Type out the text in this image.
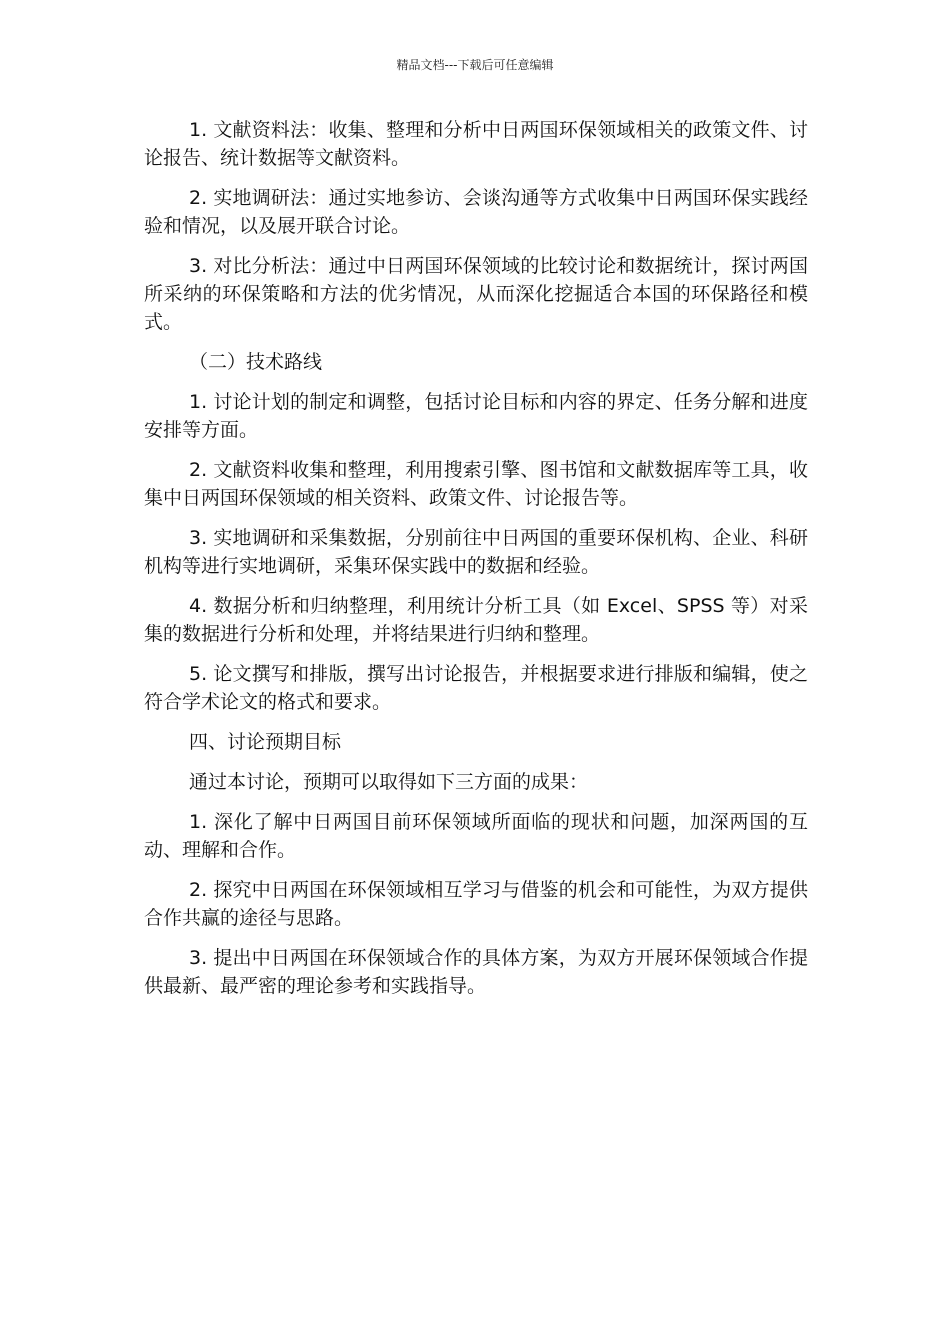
精品文档---下载后可任意编辑

1. 文献资料法：收集、整理和分析中日两国环保领域相关的政策文件、讨论报告、统计数据等文献资料。

2. 实地调研法：通过实地参访、会谈沟通等方式收集中日两国环保实践经验和情况，以及展开联合讨论。

3. 对比分析法：通过中日两国环保领域的比较讨论和数据统计，探讨两国所采纳的环保策略和方法的优劣情况，从而深化挖掘适合本国的环保路径和模式。

（二）技术路线

1. 讨论计划的制定和调整，包括讨论目标和内容的界定、任务分解和进度安排等方面。

2. 文献资料收集和整理，利用搜索引擎、图书馆和文献数据库等工具，收集中日两国环保领域的相关资料、政策文件、讨论报告等。

3. 实地调研和采集数据，分别前往中日两国的重要环保机构、企业、科研机构等进行实地调研，采集环保实践中的数据和经验。

4. 数据分析和归纳整理，利用统计分析工具（如 Excel、SPSS 等）对采集的数据进行分析和处理，并将结果进行归纳和整理。

5. 论文撰写和排版，撰写出讨论报告，并根据要求进行排版和编辑，使之符合学术论文的格式和要求。

四、讨论预期目标

通过本讨论，预期可以取得如下三方面的成果：

1. 深化了解中日两国目前环保领域所面临的现状和问题，加深两国的互动、理解和合作。

2. 探究中日两国在环保领域相互学习与借鉴的机会和可能性，为双方提供合作共赢的途径与思路。

3. 提出中日两国在环保领域合作的具体方案，为双方开展环保领域合作提供最新、最严密的理论参考和实践指导。
